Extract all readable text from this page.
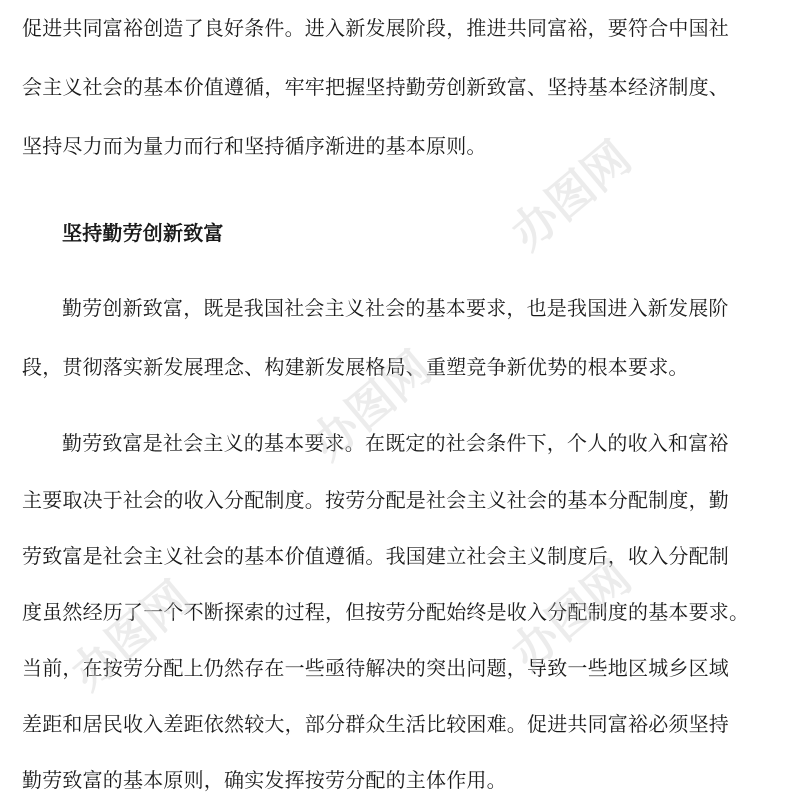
促进共同富裕创造了良好条件。进入新发展阶段，推进共同富裕，要符合中国社
会主义社会的基本价值遵循，牢牢把握坚持勤劳创新致富、坚持基本经济制度、
坚持尽力而为量力而行和坚持循序渐进的基本原则。
坚持勤劳创新致富
勤劳创新致富，既是我国社会主义社会的基本要求，也是我国进入新发展阶
段，贯彻落实新发展理念、构建新发展格局、重塑竞争新优势的根本要求。
勤劳致富是社会主义的基本要求。在既定的社会条件下，个人的收入和富裕
主要取决于社会的收入分配制度。按劳分配是社会主义社会的基本分配制度，勤
劳致富是社会主义社会的基本价值遵循。我国建立社会主义制度后，收入分配制
度虽然经历了一个不断探索的过程，但按劳分配始终是收入分配制度的基本要求。
当前，在按劳分配上仍然存在一些亟待解决的突出问题，导致一些地区城乡区域
差距和居民收入差距依然较大，部分群众生活比较困难。促进共同富裕必须坚持
勤劳致富的基本原则，确实发挥按劳分配的主体作用。
办图网
办图网
办图网	办图网
